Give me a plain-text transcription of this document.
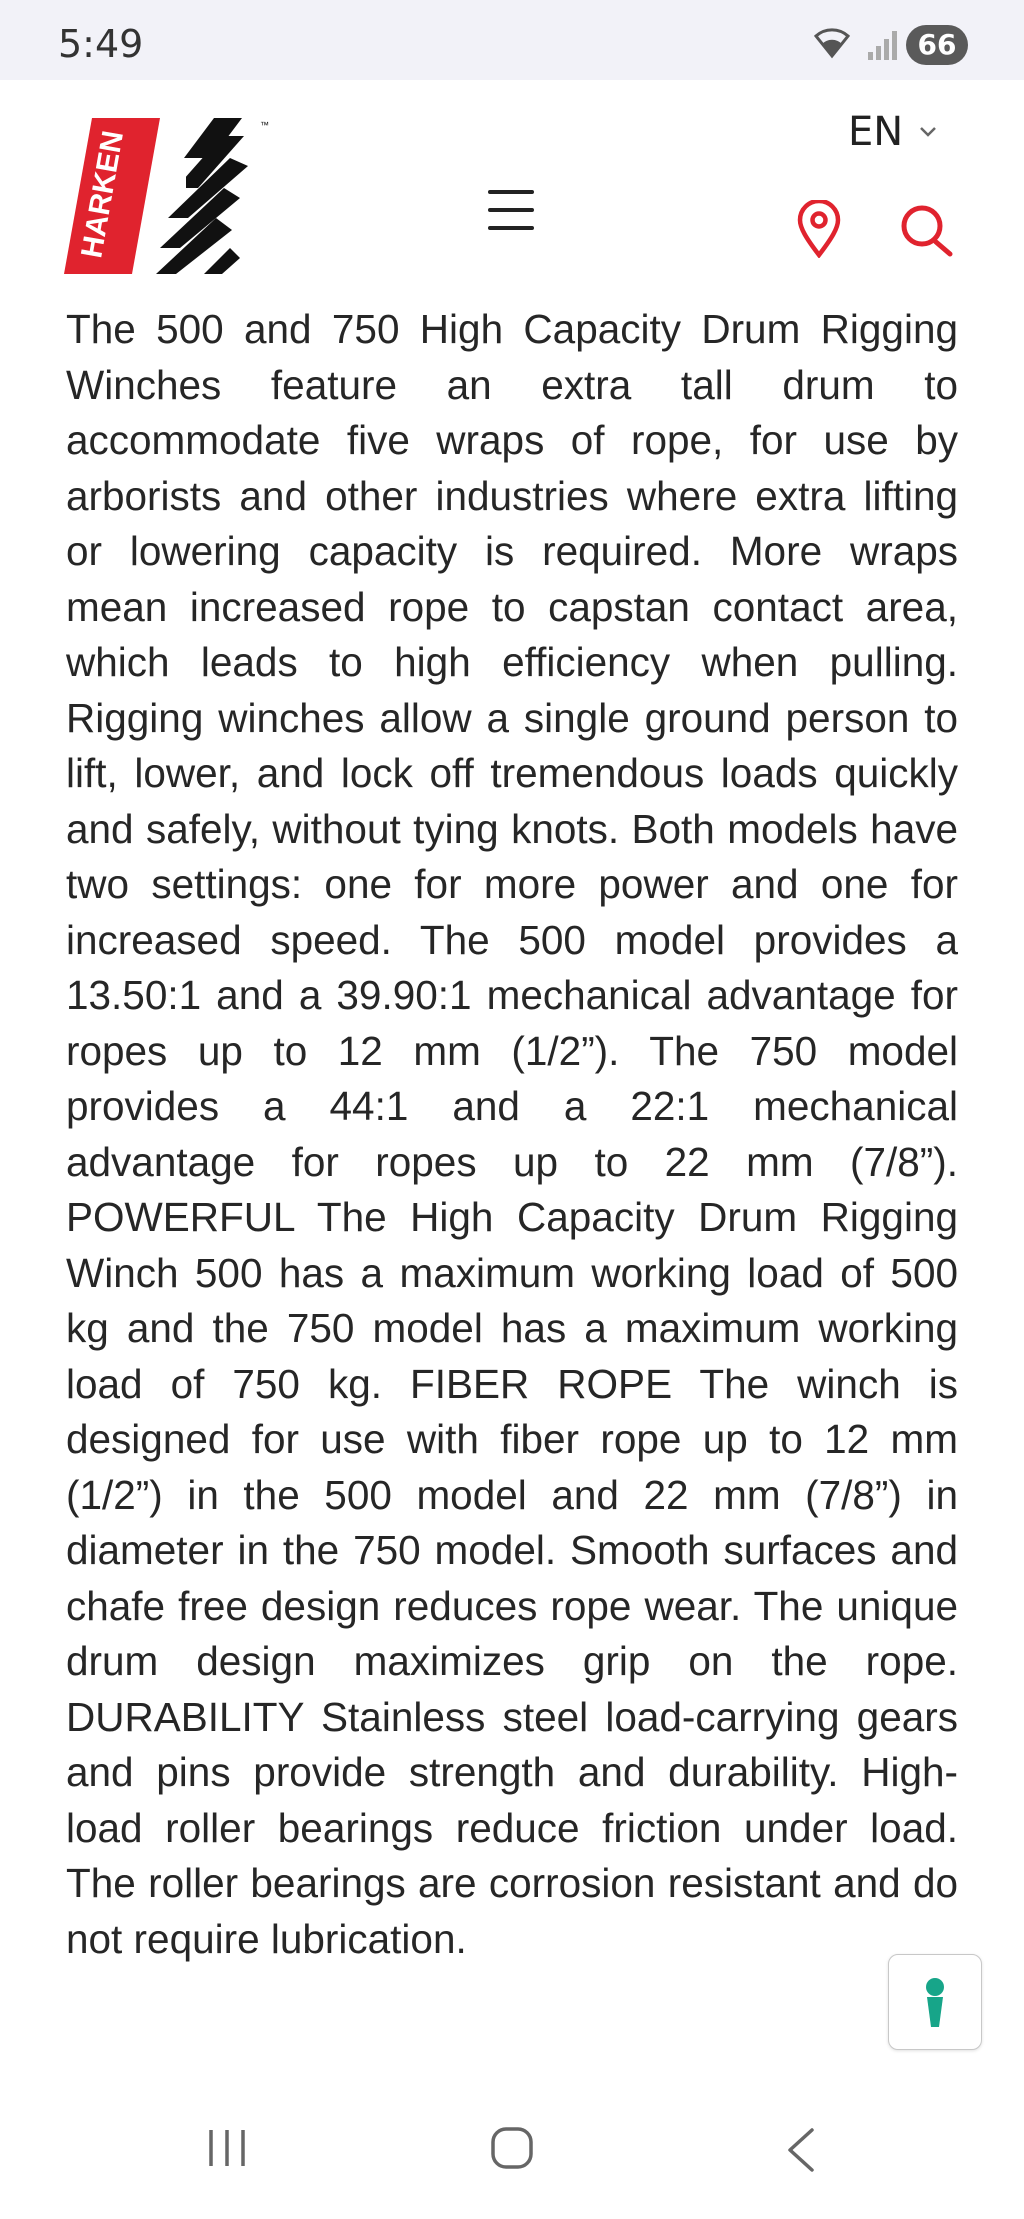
5:49	66
HARKEN
™	EN

The 500 and 750 High Capacity Drum Rigging Winches feature an extra tall drum to accommodate five wraps of rope, for use by arborists and other industries where extra lifting or lowering capacity is required. More wraps mean increased rope to capstan contact area, which leads to high efficiency when pulling. Rigging winches allow a single ground person to lift, lower, and lock off tremendous loads quickly and safely, without tying knots. Both models have two settings: one for more power and one for increased speed. The 500 model provides a 13.50:1 and a 39.90:1 mechanical advantage for ropes up to 12 mm (1/2”). The 750 model provides a 44:1 and a 22:1 mechanical advantage for ropes up to 22 mm (7/8”). POWERFUL The High Capacity Drum Rigging Winch 500 has a maximum working load of 500 kg and the 750 model has a maximum working load of 750 kg. FIBER ROPE The winch is designed for use with fiber rope up to 12 mm (1/2”) in the 500 model and 22 mm (7/8”) in diameter in the 750 model. Smooth surfaces and chafe free design reduces rope wear. The unique drum design maximizes grip on the rope. DURABILITY Stainless steel load-carrying gears and pins provide strength and durability. High-load roller bearings reduce friction under load. The roller bearings are corrosion resistant and do not require lubrication.
